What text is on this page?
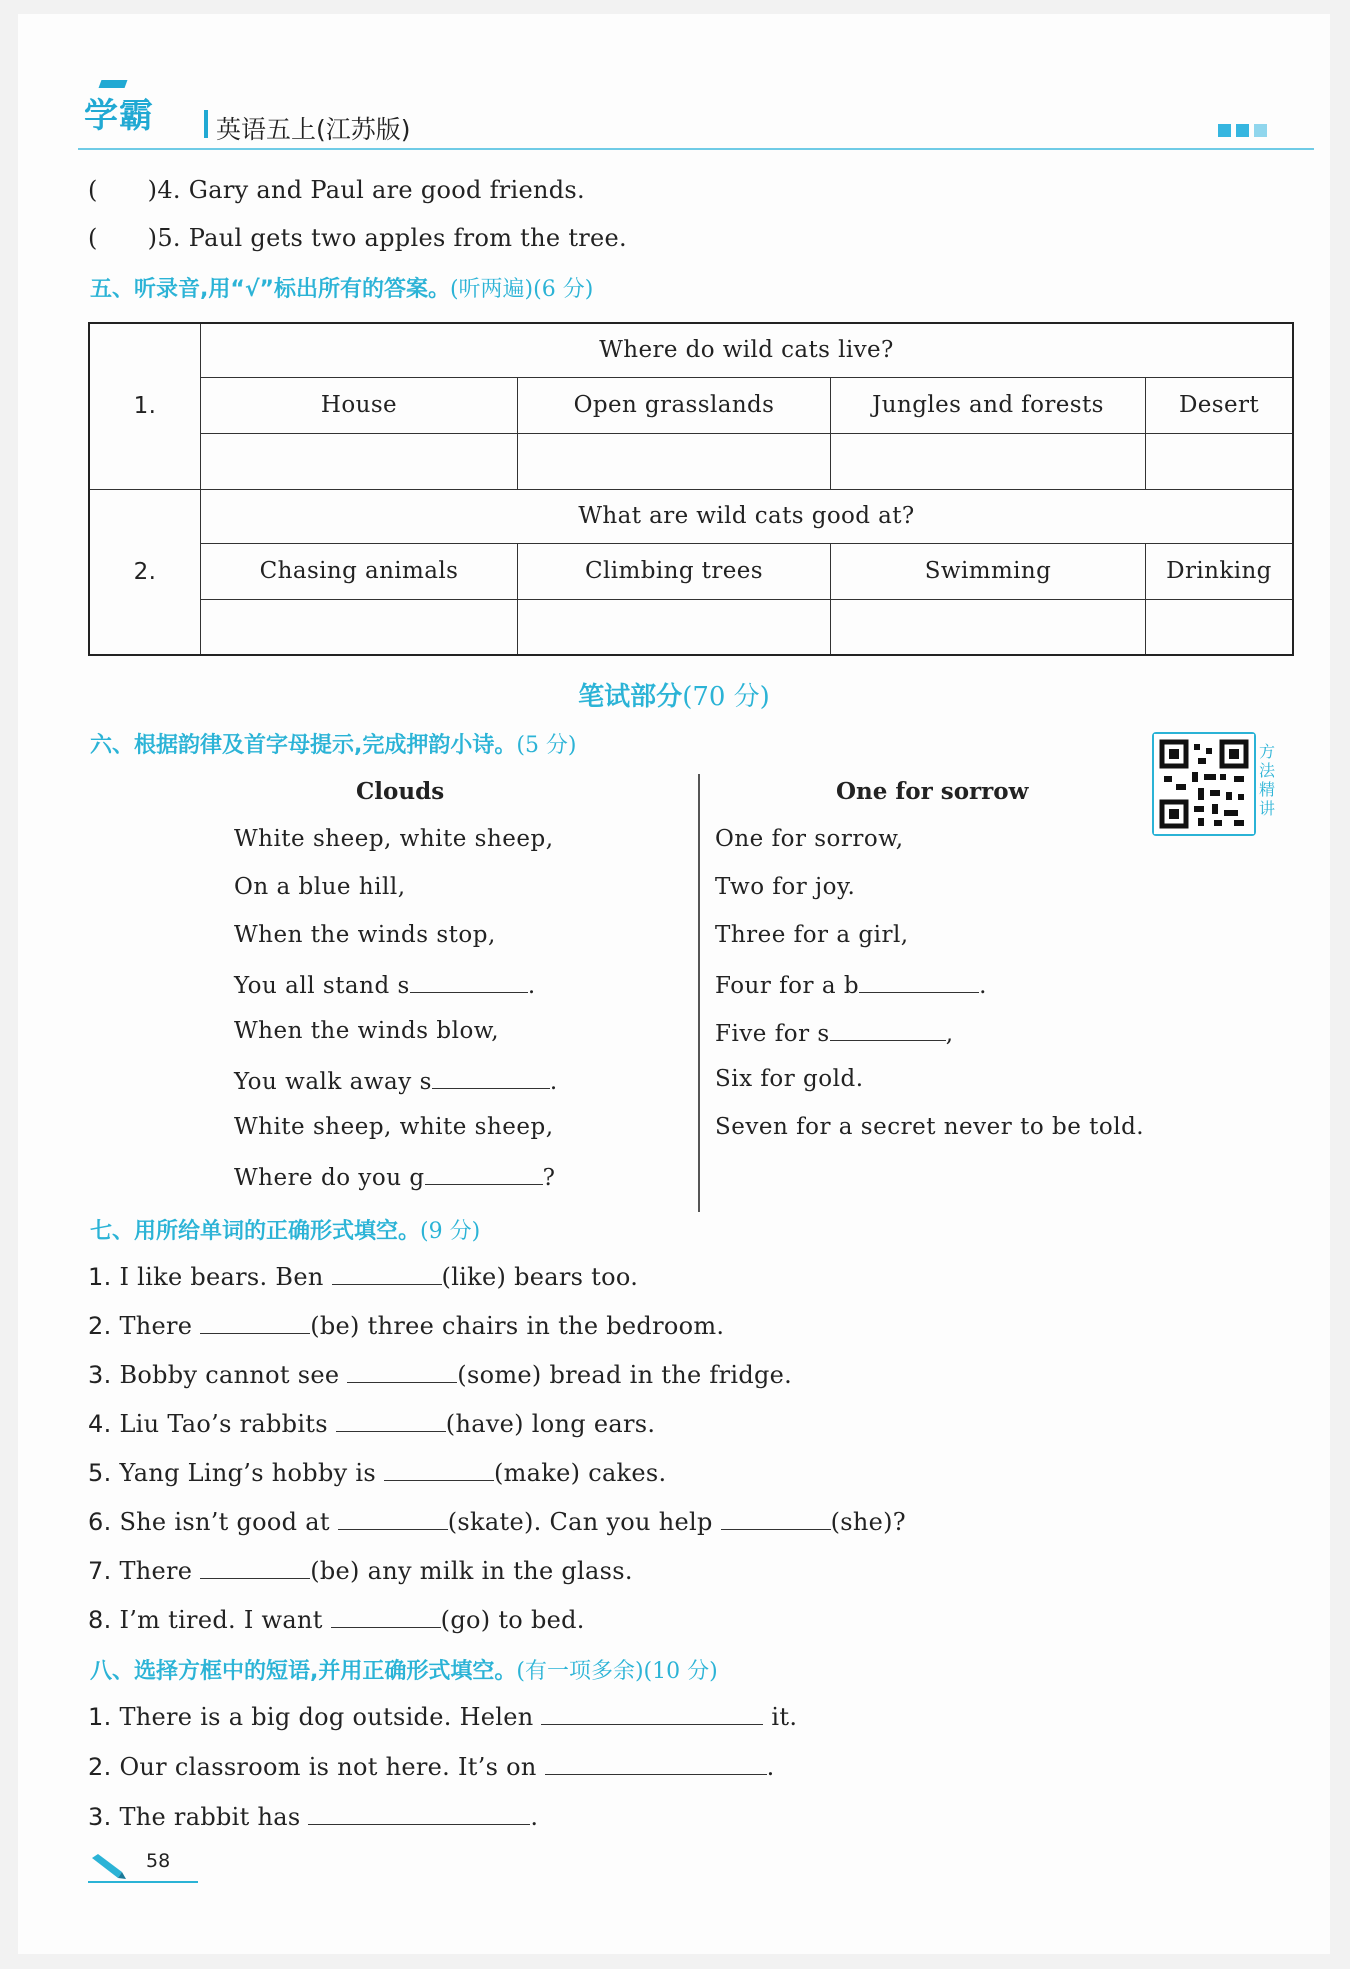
学霸 英语五上(江苏版)
( )4. Gary and Paul are good friends.
( )5. Paul gets two apples from the tree.
五、听录音,用“√”标出所有的答案。(听两遍)(6 分)
1.	Where do wild cats live?			
	House	Open grasslands	Jungles and forests	Desert

2.	What are wild cats good at?			
	Chasing animals	Climbing trees	Swimming	Drinking

笔试部分(70 分)
六、根据韵律及首字母提示,完成押韵小诗。(5 分)	方法精讲
Clouds
White sheep, white sheep,
On a blue hill,
When the winds stop,
You all stand s	.
When the winds blow,
You walk away s	.
White sheep, white sheep,
Where do you g	?
One for sorrow
One for sorrow,
Two for joy.
Three for a girl,
Four for a b	.
Five for s	,
Six for gold.
Seven for a secret never to be told.
七、用所给单词的正确形式填空。(9 分)
1. I like bears. Ben	(like) bears too.
2. There	(be) three chairs in the bedroom.
3. Bobby cannot see	(some) bread in the fridge.
4. Liu Tao’s rabbits	(have) long ears.
5. Yang Ling’s hobby is	(make) cakes.
6. She isn’t good at	(skate). Can you help	(she)?
7. There	(be) any milk in the glass.
8. I’m tired. I want	(go) to bed.
八、选择方框中的短语,并用正确形式填空。(有一项多余)(10 分)
1. There is a big dog outside. Helen	it.
2. Our classroom is not here. It’s on	.
3. The rabbit has	.
58
